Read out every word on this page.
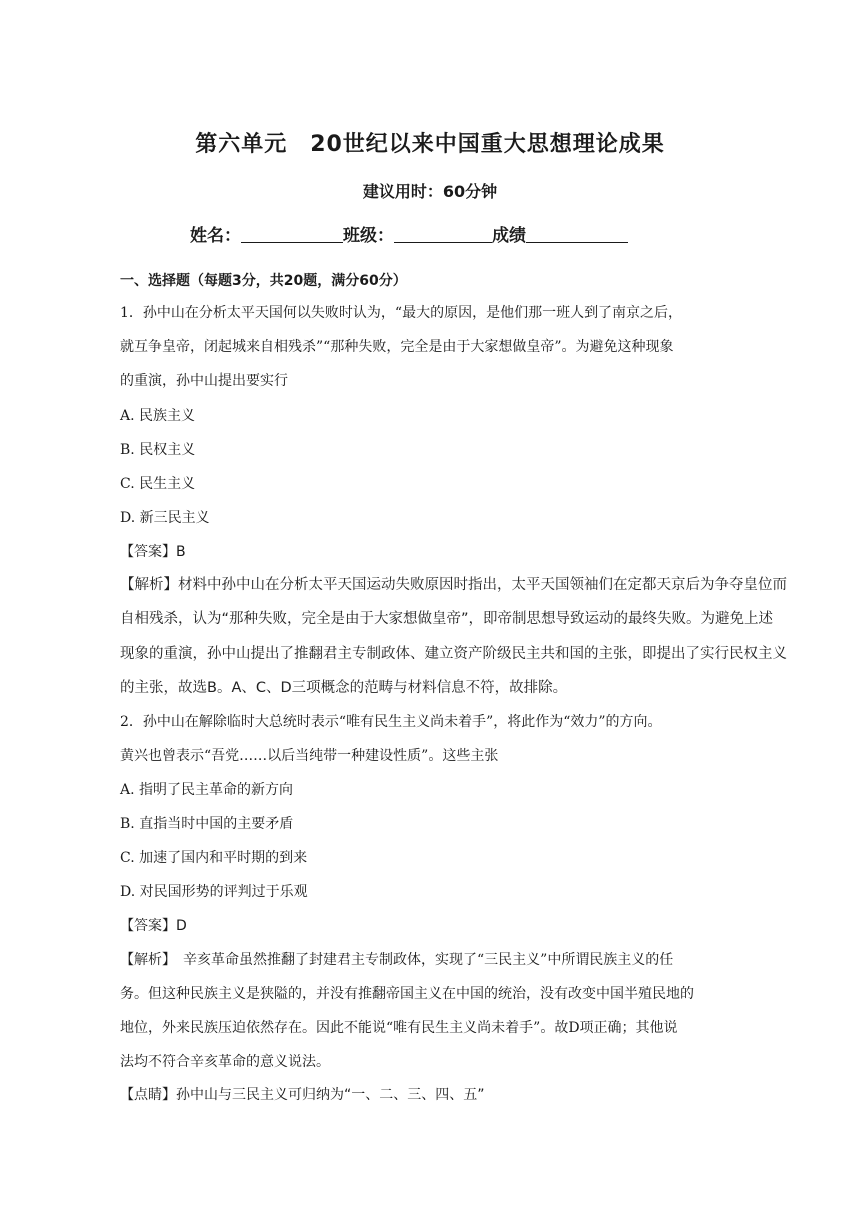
第六单元　20世纪以来中国重大思想理论成果
建议用时：60分钟
姓名：	班级：	成绩
一、选择题（每题3分，共20题，满分60分）
1．孙中山在分析太平天国何以失败时认为，“最大的原因，是他们那一班人到了南京之后，
就互争皇帝，闭起城来自相残杀”“那种失败，完全是由于大家想做皇帝”。为避免这种现象
的重演，孙中山提出要实行
A. 民族主义
B. 民权主义
C. 民生主义
D. 新三民主义
【答案】B
【解析】材料中孙中山在分析太平天国运动失败原因时指出，太平天国领袖们在定都天京后为争夺皇位而
自相残杀，认为“那种失败，完全是由于大家想做皇帝”，即帝制思想导致运动的最终失败。为避免上述
现象的重演，孙中山提出了推翻君主专制政体、建立资产阶级民主共和国的主张，即提出了实行民权主义
的主张，故选B。A、C、D三项概念的范畴与材料信息不符，故排除。
2．孙中山在解除临时大总统时表示“唯有民生主义尚未着手”，将此作为“效力”的方向。
黄兴也曾表示“吾党……以后当纯带一种建设性质”。这些主张
A. 指明了民主革命的新方向
B. 直指当时中国的主要矛盾
C. 加速了国内和平时期的到来
D. 对民国形势的评判过于乐观
【答案】D
【解析】　辛亥革命虽然推翻了封建君主专制政体，实现了“三民主义”中所谓民族主义的任
务。但这种民族主义是狭隘的，并没有推翻帝国主义在中国的统治，没有改变中国半殖民地的
地位，外来民族压迫依然存在。因此不能说“唯有民生主义尚未着手”。故D项正确；其他说
法均不符合辛亥革命的意义说法。
【点睛】孙中山与三民主义可归纳为“一、二、三、四、五”
